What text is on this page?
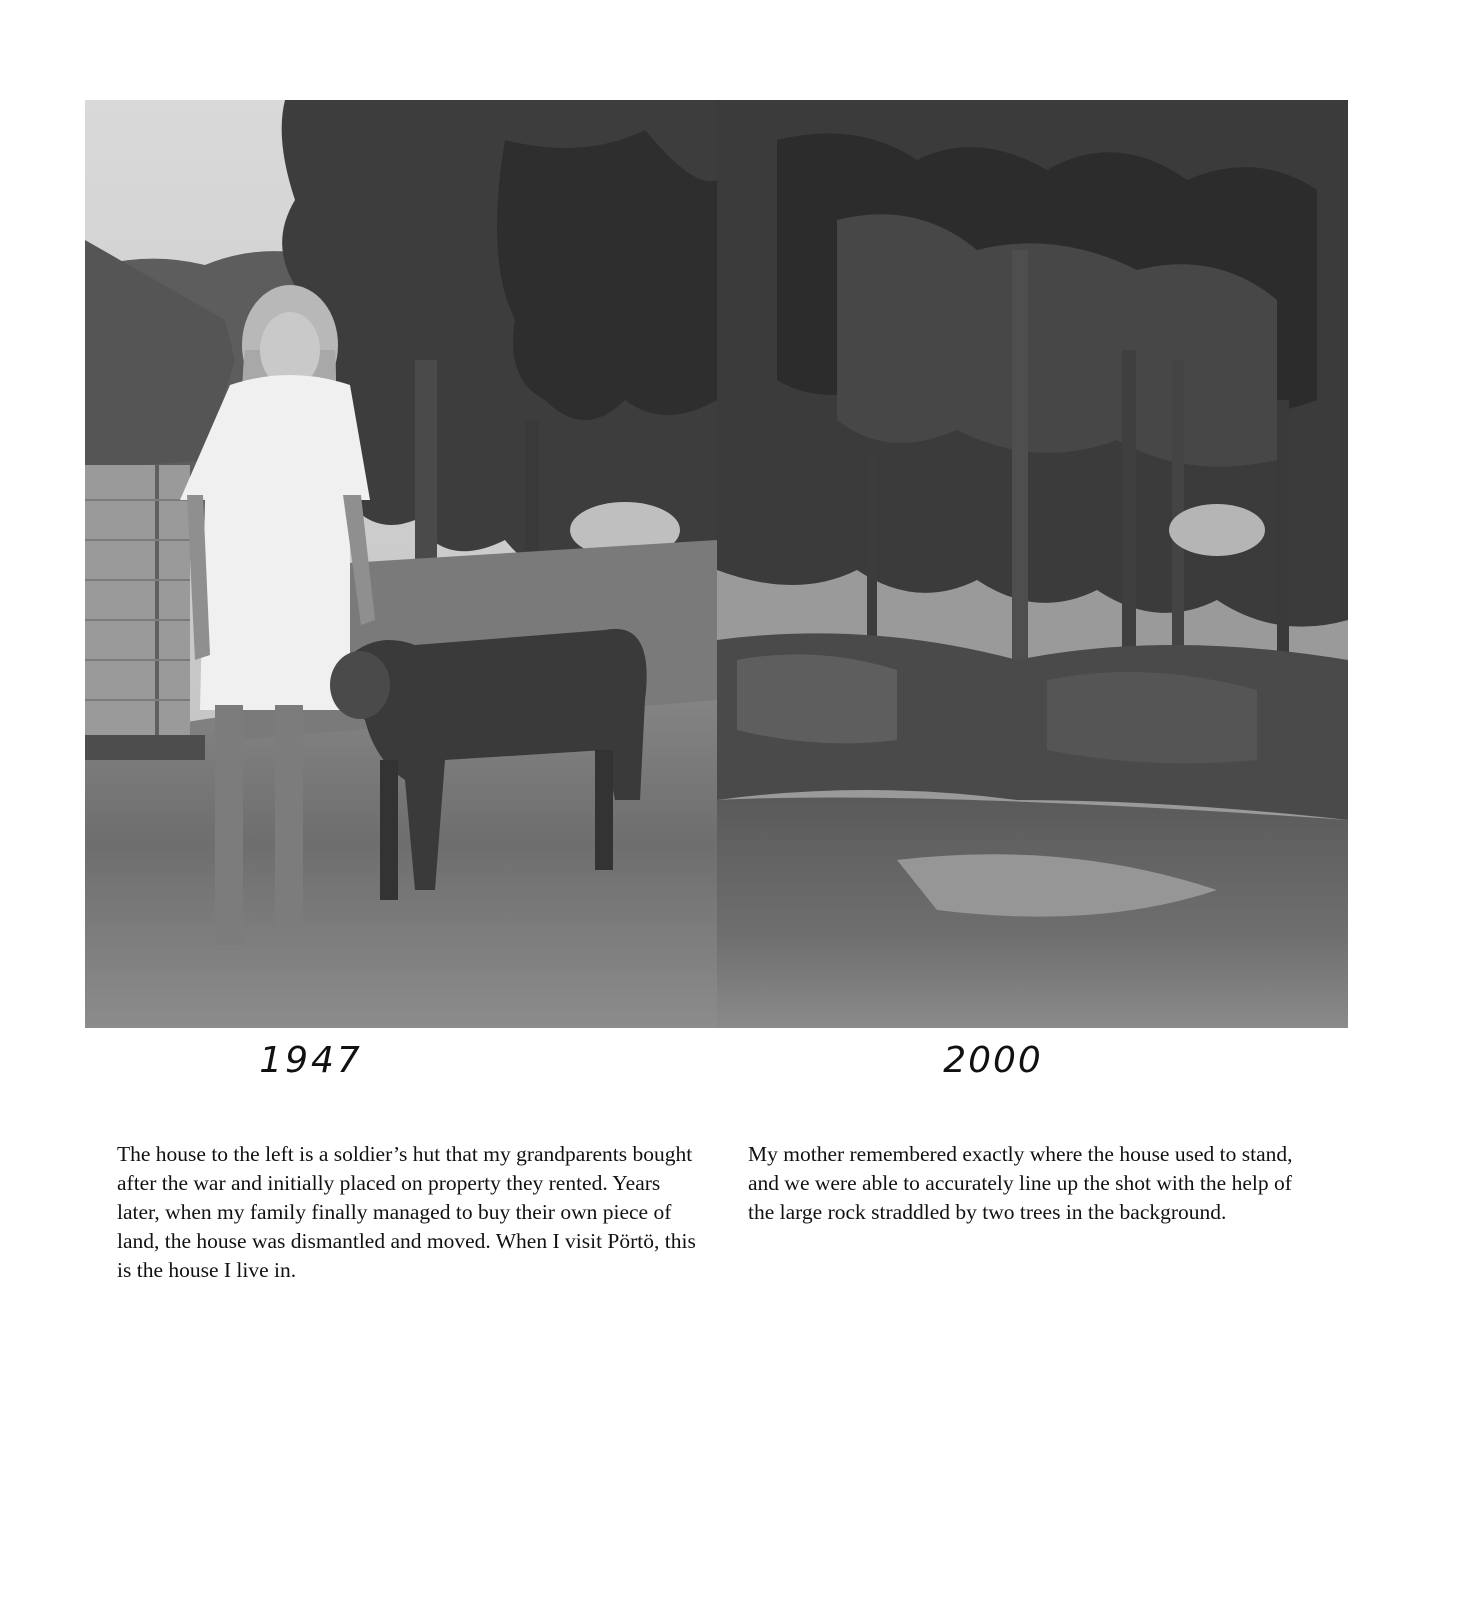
1947	2000

The house to the left is a soldier’s hut that my grandparents bought after the war and initially placed on property they rented. Years later, when my family finally managed to buy their own piece of land, the house was dismantled and moved. When I visit Pörtö, this is the house I live in.

My mother remembered exactly where the house used to stand, and we were able to accurately line up the shot with the help of the large rock straddled by two trees in the background.
